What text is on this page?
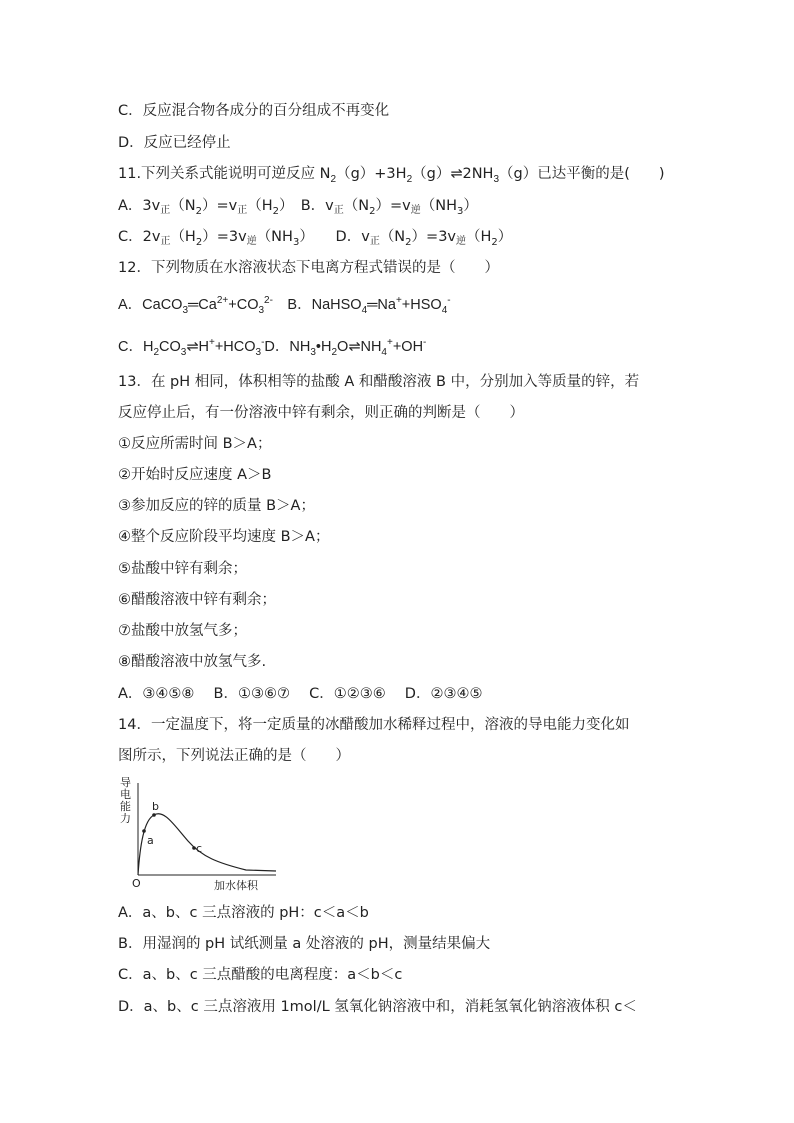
C．反应混合物各成分的百分组成不再变化
D．反应已经停止
11.下列关系式能说明可逆反应 $N_2(g)+3H_2(g)\rightleftharpoons 2NH_3(g)$已达平衡的是(　　)
A．$3v_正(N_2)=v_正(H_2)$　B．$v_正(N_2)=v_逆(NH_3)$
C．$2v_正(H_2)=3v_逆(NH_3)$　　D．$v_正(N_2)=3v_逆(H_2)$
12．下列物质在水溶液状态下电离方程式错误的是（　　）
A．$CaCO_3═Ca^{2+}+CO_3^{2-}$　B．$NaHSO_4═Na^++HSO_4^-$
C．$H_2CO_3\rightleftharpoons H^++HCO_3^-D$．$NH_3•H_2O\rightleftharpoons NH_4^++OH^-$
13．在 pH 相同，体积相等的盐酸 A 和醋酸溶液 B 中，分别加入等质量的锌，若
反应停止后，有一份溶液中锌有剩余，则正确的判断是（　　）
①反应所需时间 B＞A；
②开始时反应速度 A＞B
③参加反应的锌的质量 B＞A；
④整个反应阶段平均速度 B＞A；
⑤盐酸中锌有剩余；
⑥醋酸溶液中锌有剩余；
⑦盐酸中放氢气多；
⑧醋酸溶液中放氢气多.
A．③④⑤⑧　 B．①③⑥⑦　 C．①②③⑥　 D．②③④⑤
14．一定温度下，将一定质量的冰醋酸加水稀释过程中，溶液的导电能力变化如
图所示，下列说法正确的是（　　）
导
电
能
力
a
b
c
O	加水体积
A．a、b、c 三点溶液的 pH：c＜a＜b
B．用湿润的 pH 试纸测量 a 处溶液的 pH，测量结果偏大
C．a、b、c 三点醋酸的电离程度：a＜b＜c
D．a、b、c 三点溶液用 1mol/L 氢氧化钠溶液中和，消耗氢氧化钠溶液体积 c＜
